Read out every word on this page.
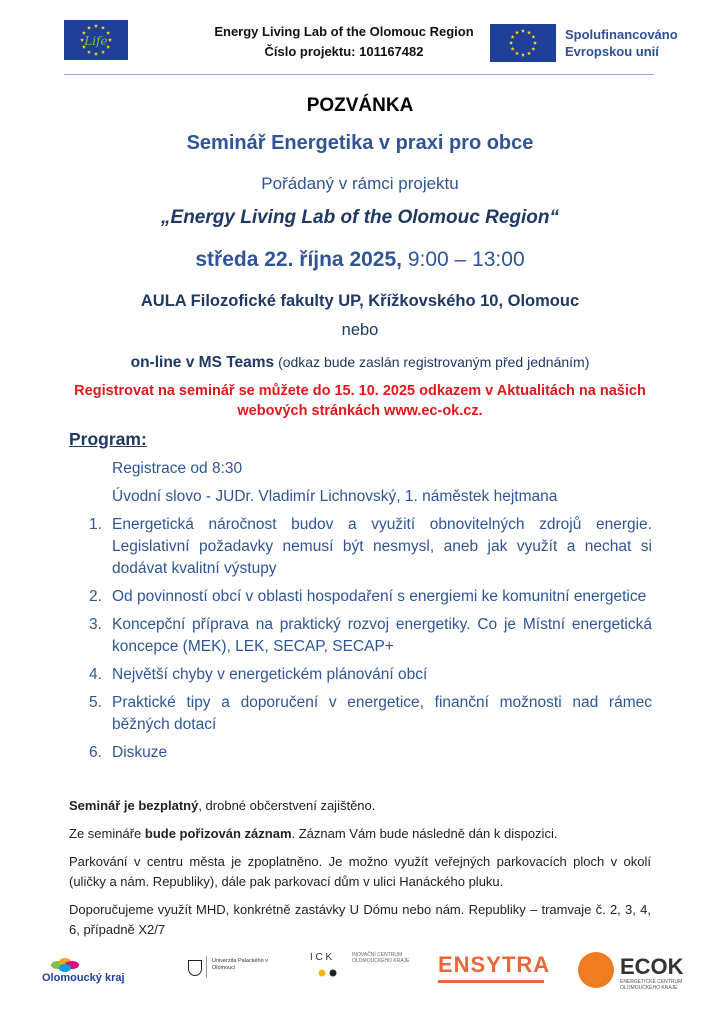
Life
Energy Living Lab of the Olomouc Region
Číslo projektu: 101167482
Spolufinancováno
Evropskou unií
POZVÁNKA
Seminář Energetika v praxi pro obce
Pořádaný v rámci projektu
„Energy Living Lab of the Olomouc Region“
středa 22. října 2025, 9:00 – 13:00
AULA Filozofické fakulty UP, Křížkovského 10, Olomouc
nebo
on-line v MS Teams (odkaz bude zaslán registrovaným před jednáním)
Registrovat na seminář se můžete do 15. 10. 2025 odkazem v Aktualitách na našich webových stránkách www.ec-ok.cz.
Program:
Registrace od 8:30
Úvodní slovo - JUDr. Vladimír Lichnovský, 1. náměstek hejtmana
1. Energetická náročnost budov a využití obnovitelných zdrojů energie. Legislativní požadavky nemusí být nesmysl, aneb jak využít a nechat si dodávat kvalitní výstupy
2. Od povinností obcí v oblasti hospodaření s energiemi ke komunitní energetice
3. Koncepční příprava na praktický rozvoj energetiky. Co je Místní energetická koncepce (MEK), LEK, SECAP, SECAP+
4. Největší chyby v energetickém plánování obcí
5. Praktické tipy a doporučení v energetice, finanční možnosti nad rámec běžných dotací
6. Diskuze

Seminář je bezplatný, drobné občerstvení zajištěno.

Ze semináře bude pořizován záznam. Záznam Vám bude následně dán k dispozici.

Parkování v centru města je zpoplatněno. Je možno využít veřejných parkovacích ploch v okolí (uličky a nám. Republiky), dále pak parkovací dům v ulici Hanáckého pluku.

Doporučujeme využít MHD, konkrétně zastávky U Dómu nebo nám. Republiky – tramvaje č. 2, 3, 4, 6, případně X2/7

Olomoucký kraj
Univerzita Palackého v Olomouci
I C K	INOVAČNÍ CENTRUM OLOMOUCKÉHO KRAJE ENSYTRA	ECOK
ENERGETICKÉ CENTRUM OLOMOUCKÉHO KRAJE
